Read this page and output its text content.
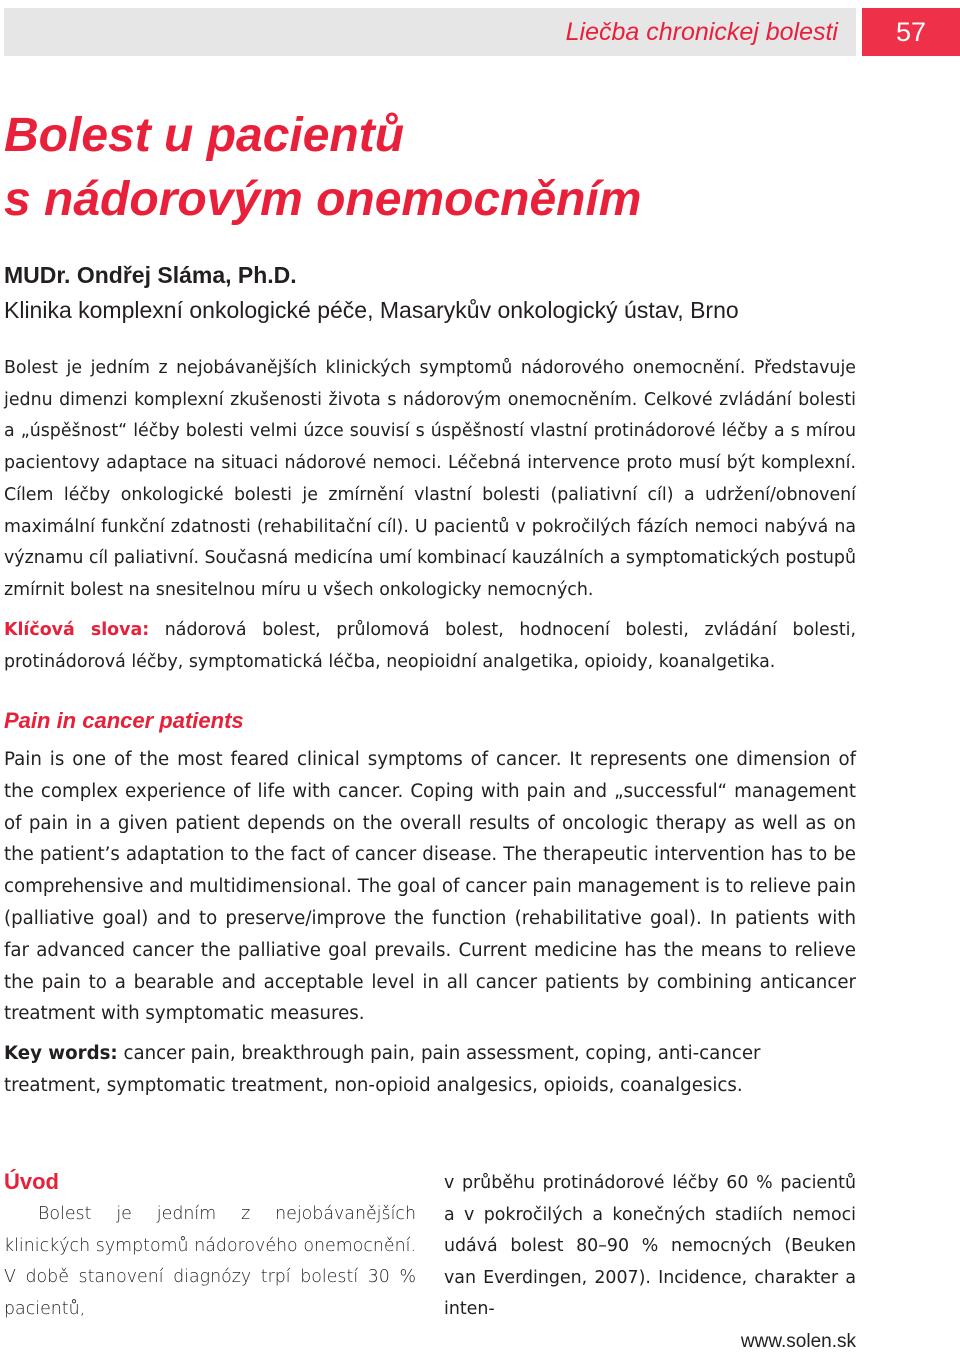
Liečba chronickej bolesti	57
Bolest u pacientů
s nádorovým onemocněním
MUDr. Ondřej Sláma, Ph.D.
Klinika komplexní onkologické péče, Masarykův onkologický ústav, Brno

Bolest je jedním z nejobávanějších klinických symptomů nádorového onemocnění. Představuje jednu dimenzi komplexní zkušenosti života s nádorovým onemocněním. Celkové zvládání bolesti a „úspěšnost“ léčby bolesti velmi úzce souvisí s úspěšností vlastní protinádorové léčby a s mírou pacientovy adaptace na situaci nádorové nemoci. Léčebná intervence proto musí být komplexní. Cílem léčby onkologické bolesti je zmírnění vlastní bolesti (paliativní cíl) a udržení/obnovení maximální funkční zdatnosti (rehabilitační cíl). U pacientů v pokročilých fázích nemoci nabývá na významu cíl paliativní. Současná medicína umí kombinací kauzálních a symptomatických postupů zmírnit bolest na snesitelnou míru u všech onkologicky nemocných.

Klíčová slova: nádorová bolest, průlomová bolest, hodnocení bolesti, zvládání bolesti, protinádorová léčby, symptomatická léčba, neopioidní analgetika, opioidy, koanalgetika.

Pain in cancer patients

Pain is one of the most feared clinical symptoms of cancer. It represents one dimension of the complex experience of life with cancer. Coping with pain and „successful“ management of pain in a given patient depends on the overall results of oncologic therapy as well as on the patient’s adaptation to the fact of cancer disease. The therapeutic intervention has to be comprehensive and multidimensional. The goal of cancer pain management is to relieve pain (palliative goal) and to preserve/improve the function (rehabilitative goal). In patients with far advanced cancer the palliative goal prevails. Current medicine has the means to relieve the pain to a bearable and acceptable level in all cancer patients by combining anticancer treatment with symptomatic measures.

Key words: cancer pain, breakthrough pain, pain assessment, coping, anti-cancer treatment, symptomatic treatment, non-opioid analgesics, opioids, coanalgesics.

Úvod

Bolest je jedním z nejobávanějších klinických symptomů nádorového onemocnění. V době stanovení diagnózy trpí bolestí 30 % pacientů,

v průběhu protinádorové léčby 60 % pacientů a v pokročilých a konečných stadiích nemoci udává bolest 80–90 % nemocných (Beuken van Everdingen, 2007). Incidence, charakter a inten-

www.solen.sk
